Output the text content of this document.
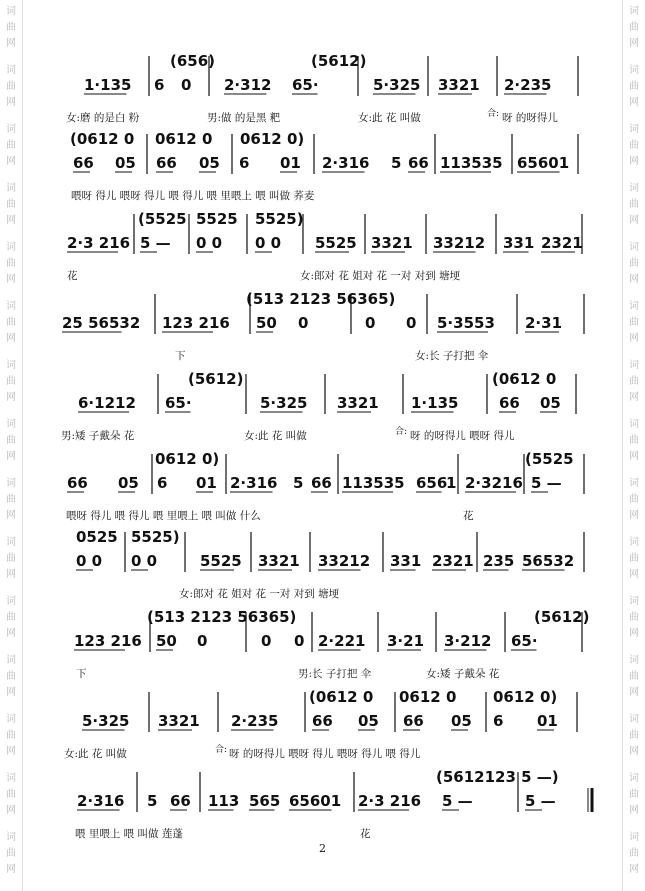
词
曲
网
词
曲
网
词
曲
网
词
曲
网
词
曲
网
词
曲
网
词
曲
网
词
曲
网
词
曲
网
词
曲
网
词
曲
网
词
曲
网
词
曲
网
词
曲
网
词
曲
网
词
曲
网
词
曲
网
词
曲
网
词
曲
网
词
曲
网
词
曲
网
词
曲
网
词
曲
网
词
曲
网
词
曲
网
词
曲
网
词
曲
网
词
曲
网
词
曲
网
词
曲
网
(656)	(5612)
1·135 6 0 2·312 65·	5·325 3321 2·235
女:磨 的是白 粉	男:做 的是黑 粑	女:此 花 叫做	合: 呀 的呀得儿
(0612 0 0612 0 0612 0)
66 05 66 05 6 01 2·316 5 66 113535 65601
喂呀 得儿 喂呀 得儿 喂 得儿 喂 里喂上 喂 叫做 荞麦
(5525 5525 5525)
2·3 216 5 — 0 0 0 0 5525 3321 33212 331 2321
花	女:郎对 花 姐对 花 一对 对到 塘埂
(513 2123 56365)
25 56532 123 216 50 0	0 0 5·3553 2·31
下	女:长 子打把 伞
(5612)	(0612 0
6·1212 65·	5·325 3321 1·135	66 05
男:矮 子戴朵 花	女:此 花 叫做	合: 呀 的呀得儿 喂呀 得儿
0612 0)	(5525
66 05 6 01 2·316 5 66 113535 656
1 2·3216 5 —
喂呀 得儿 喂 得儿 喂 里喂上 喂 叫做 什么	花
0525 5525)
0 0 0 0	5525 3321 33212 331 2321 235 56532
女:郎对 花 姐对 花 一对 对到 塘埂
(513 2123 56365)	(5612)
123 216 50 0	0 0 2·221 3·21 3·212 65·
下	男:长 子打把 伞	女:矮 子戴朵 花
(0612 0 0612 0 0612 0)
5·325 3321 2·235 66 05 66 05 6 01
女:此 花 叫做	合: 呀 的呀得儿 喂呀 得儿 喂呀 得儿 喂 得儿
(5612123 5 —)
2·316 5 66 113 565 65601 2·3 216 5 —	5 —
喂 里喂上 喂 叫做 莲蓬	花
2
